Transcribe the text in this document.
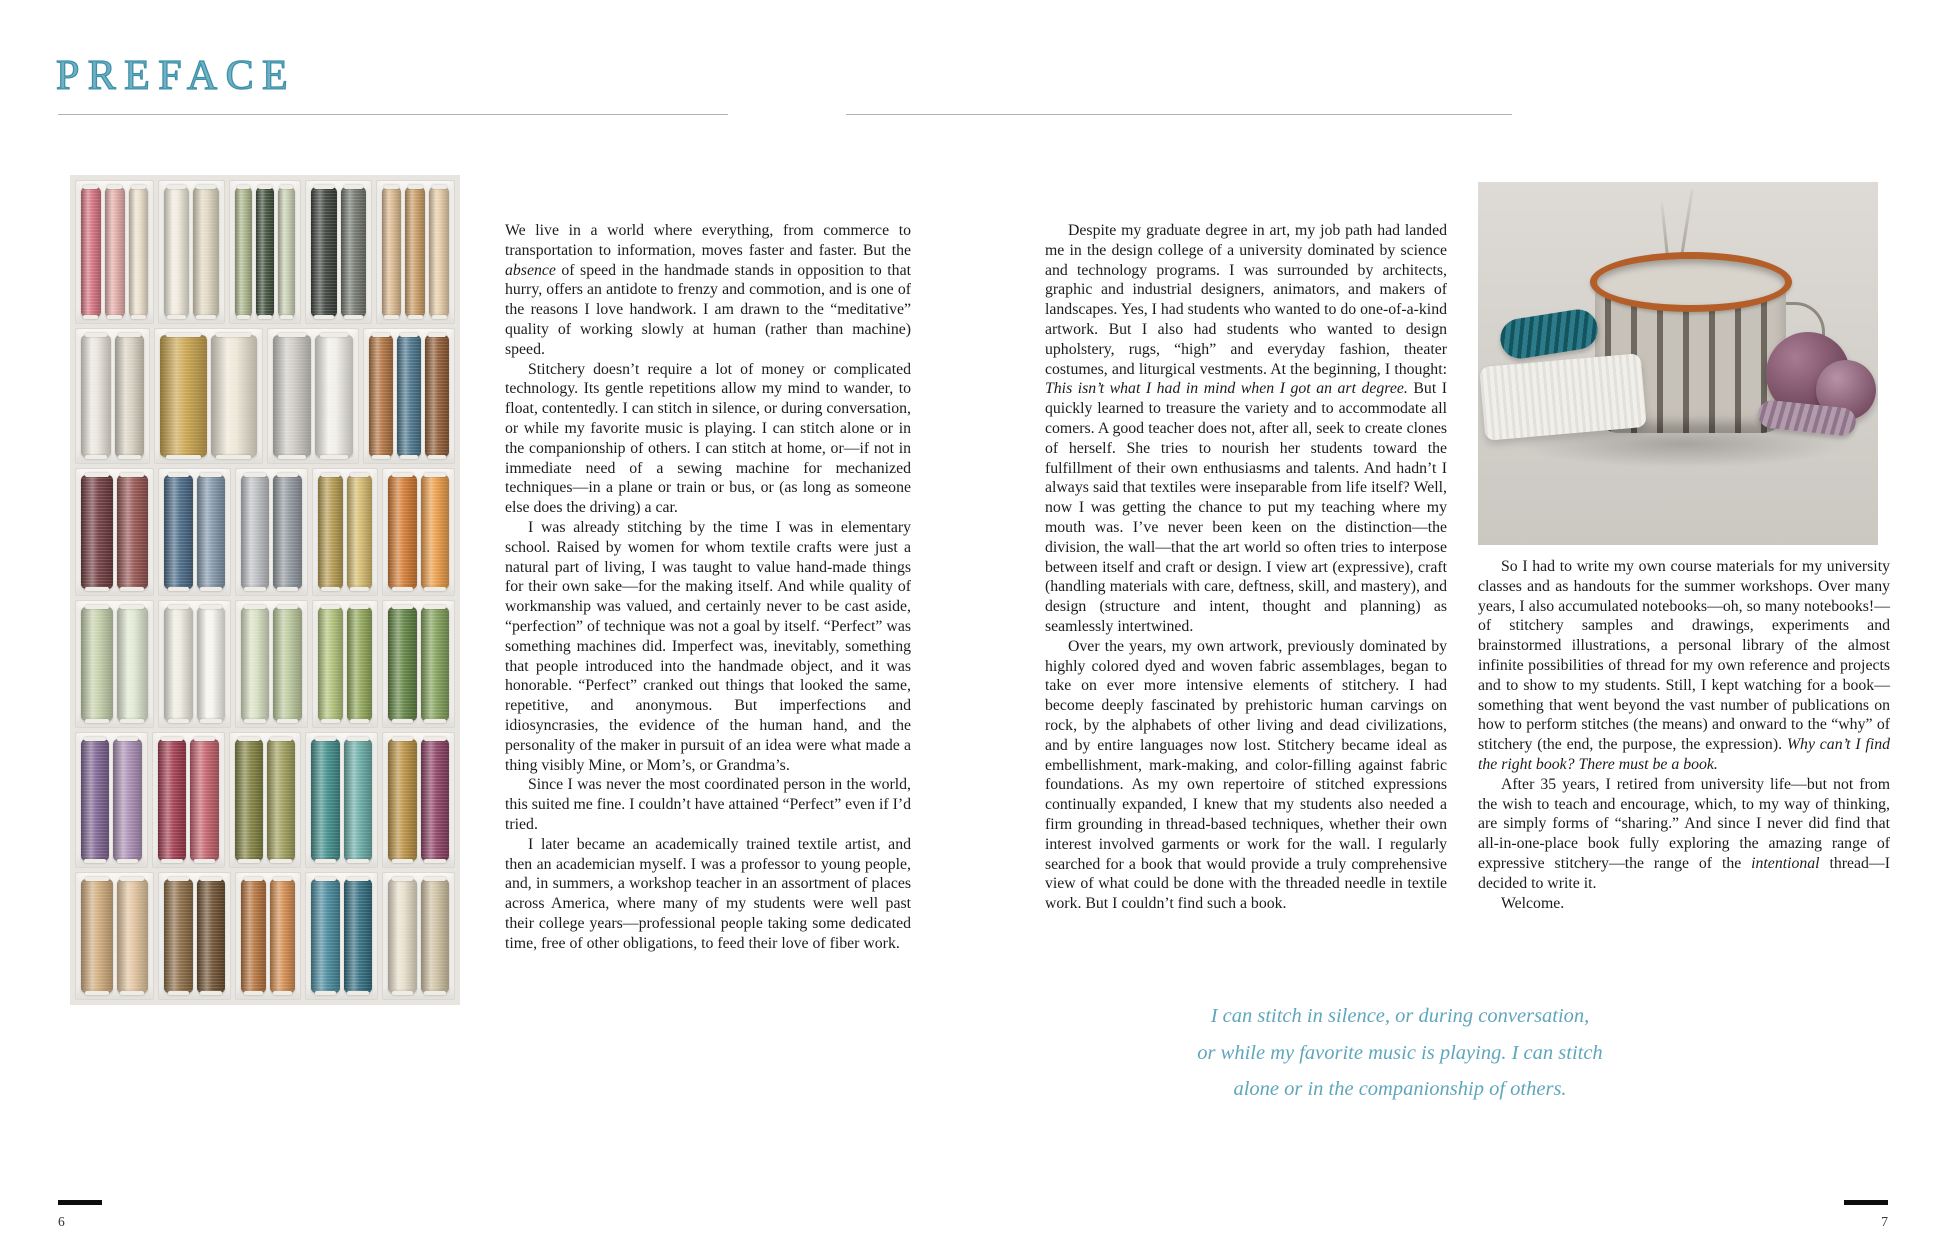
PREFACE

We live in a world where everything, from commerce to transportation to information, moves faster and faster. But the absence of speed in the handmade stands in opposition to that hurry, offers an antidote to frenzy and commotion, and is one of the reasons I love handwork. I am drawn to the “meditative” quality of working slowly at human (rather than machine) speed.

Stitchery doesn’t require a lot of money or complicated technology. Its gentle repetitions allow my mind to wander, to float, contentedly. I can stitch in silence, or during conversation, or while my favorite music is playing. I can stitch alone or in the companionship of others. I can stitch at home, or—if not in immediate need of a sewing machine for mechanized techniques—in a plane or train or bus, or (as long as someone else does the driving) a car.

I was already stitching by the time I was in elementary school. Raised by women for whom textile crafts were just a natural part of living, I was taught to value hand-made things for their own sake—for the making itself. And while quality of workmanship was valued, and certainly never to be cast aside, “perfection” of technique was not a goal by itself. “Perfect” was something machines did. Imperfect was, inevitably, something that people introduced into the handmade object, and it was honorable. “Perfect” cranked out things that looked the same, repetitive, and anonymous. But imperfections and idiosyncrasies, the evidence of the human hand, and the personality of the maker in pursuit of an idea were what made a thing visibly Mine, or Mom’s, or Grandma’s.

Since I was never the most coordinated person in the world, this suited me fine. I couldn’t have attained “Perfect” even if I’d tried.

I later became an academically trained textile artist, and then an academician myself. I was a professor to young people, and, in summers, a workshop teacher in an assortment of places across America, where many of my students were well past their college years—professional people taking some dedicated time, free of other obligations, to feed their love of fiber work.

Despite my graduate degree in art, my job path had landed me in the design college of a university dominated by science and technology programs. I was surrounded by architects, graphic and industrial designers, animators, and makers of landscapes. Yes, I had students who wanted to do one-of-a-kind artwork. But I also had students who wanted to design upholstery, rugs, “high” and everyday fashion, theater costumes, and liturgical vestments. At the beginning, I thought: This isn’t what I had in mind when I got an art degree. But I quickly learned to treasure the variety and to accommodate all comers. A good teacher does not, after all, seek to create clones of herself. She tries to nourish her students toward the fulfillment of their own enthusiasms and talents. And hadn’t I always said that textiles were inseparable from life itself? Well, now I was getting the chance to put my teaching where my mouth was. I’ve never been keen on the distinction—the division, the wall—that the art world so often tries to interpose between itself and craft or design. I view art (expressive), craft (handling materials with care, deftness, skill, and mastery), and design (structure and intent, thought and planning) as seamlessly intertwined.

Over the years, my own artwork, previously dominated by highly colored dyed and woven fabric assemblages, began to take on ever more intensive elements of stitchery. I had become deeply fascinated by prehistoric human carvings on rock, by the alphabets of other living and dead civilizations, and by entire languages now lost. Stitchery became ideal as embellishment, mark-making, and color-filling against fabric foundations. As my own repertoire of stitched expressions continually expanded, I knew that my students also needed a firm grounding in thread-based techniques, whether their own interest involved garments or work for the wall. I regularly searched for a book that would provide a truly comprehensive view of what could be done with the threaded needle in textile work. But I couldn’t find such a book.

So I had to write my own course materials for my university classes and as handouts for the summer workshops. Over many years, I also accumulated notebooks—oh, so many notebooks!—of stitchery samples and drawings, experiments and brainstormed illustrations, a personal library of the almost infinite possibilities of thread for my own reference and projects and to show to my students. Still, I kept watching for a book—something that went beyond the vast number of publications on how to perform stitches (the means) and onward to the “why” of stitchery (the end, the purpose, the expression). Why can’t I find the right book? There must be a book.

After 35 years, I retired from university life—but not from the wish to teach and encourage, which, to my way of thinking, are simply forms of “sharing.” And since I never did find that all-in-one-place book fully exploring the amazing range of expressive stitchery—the range of the intentional thread—I decided to write it.

Welcome.

I can stitch in silence, or during conversation,
or while my favorite music is playing. I can stitch
alone or in the companionship of others.
6	7
